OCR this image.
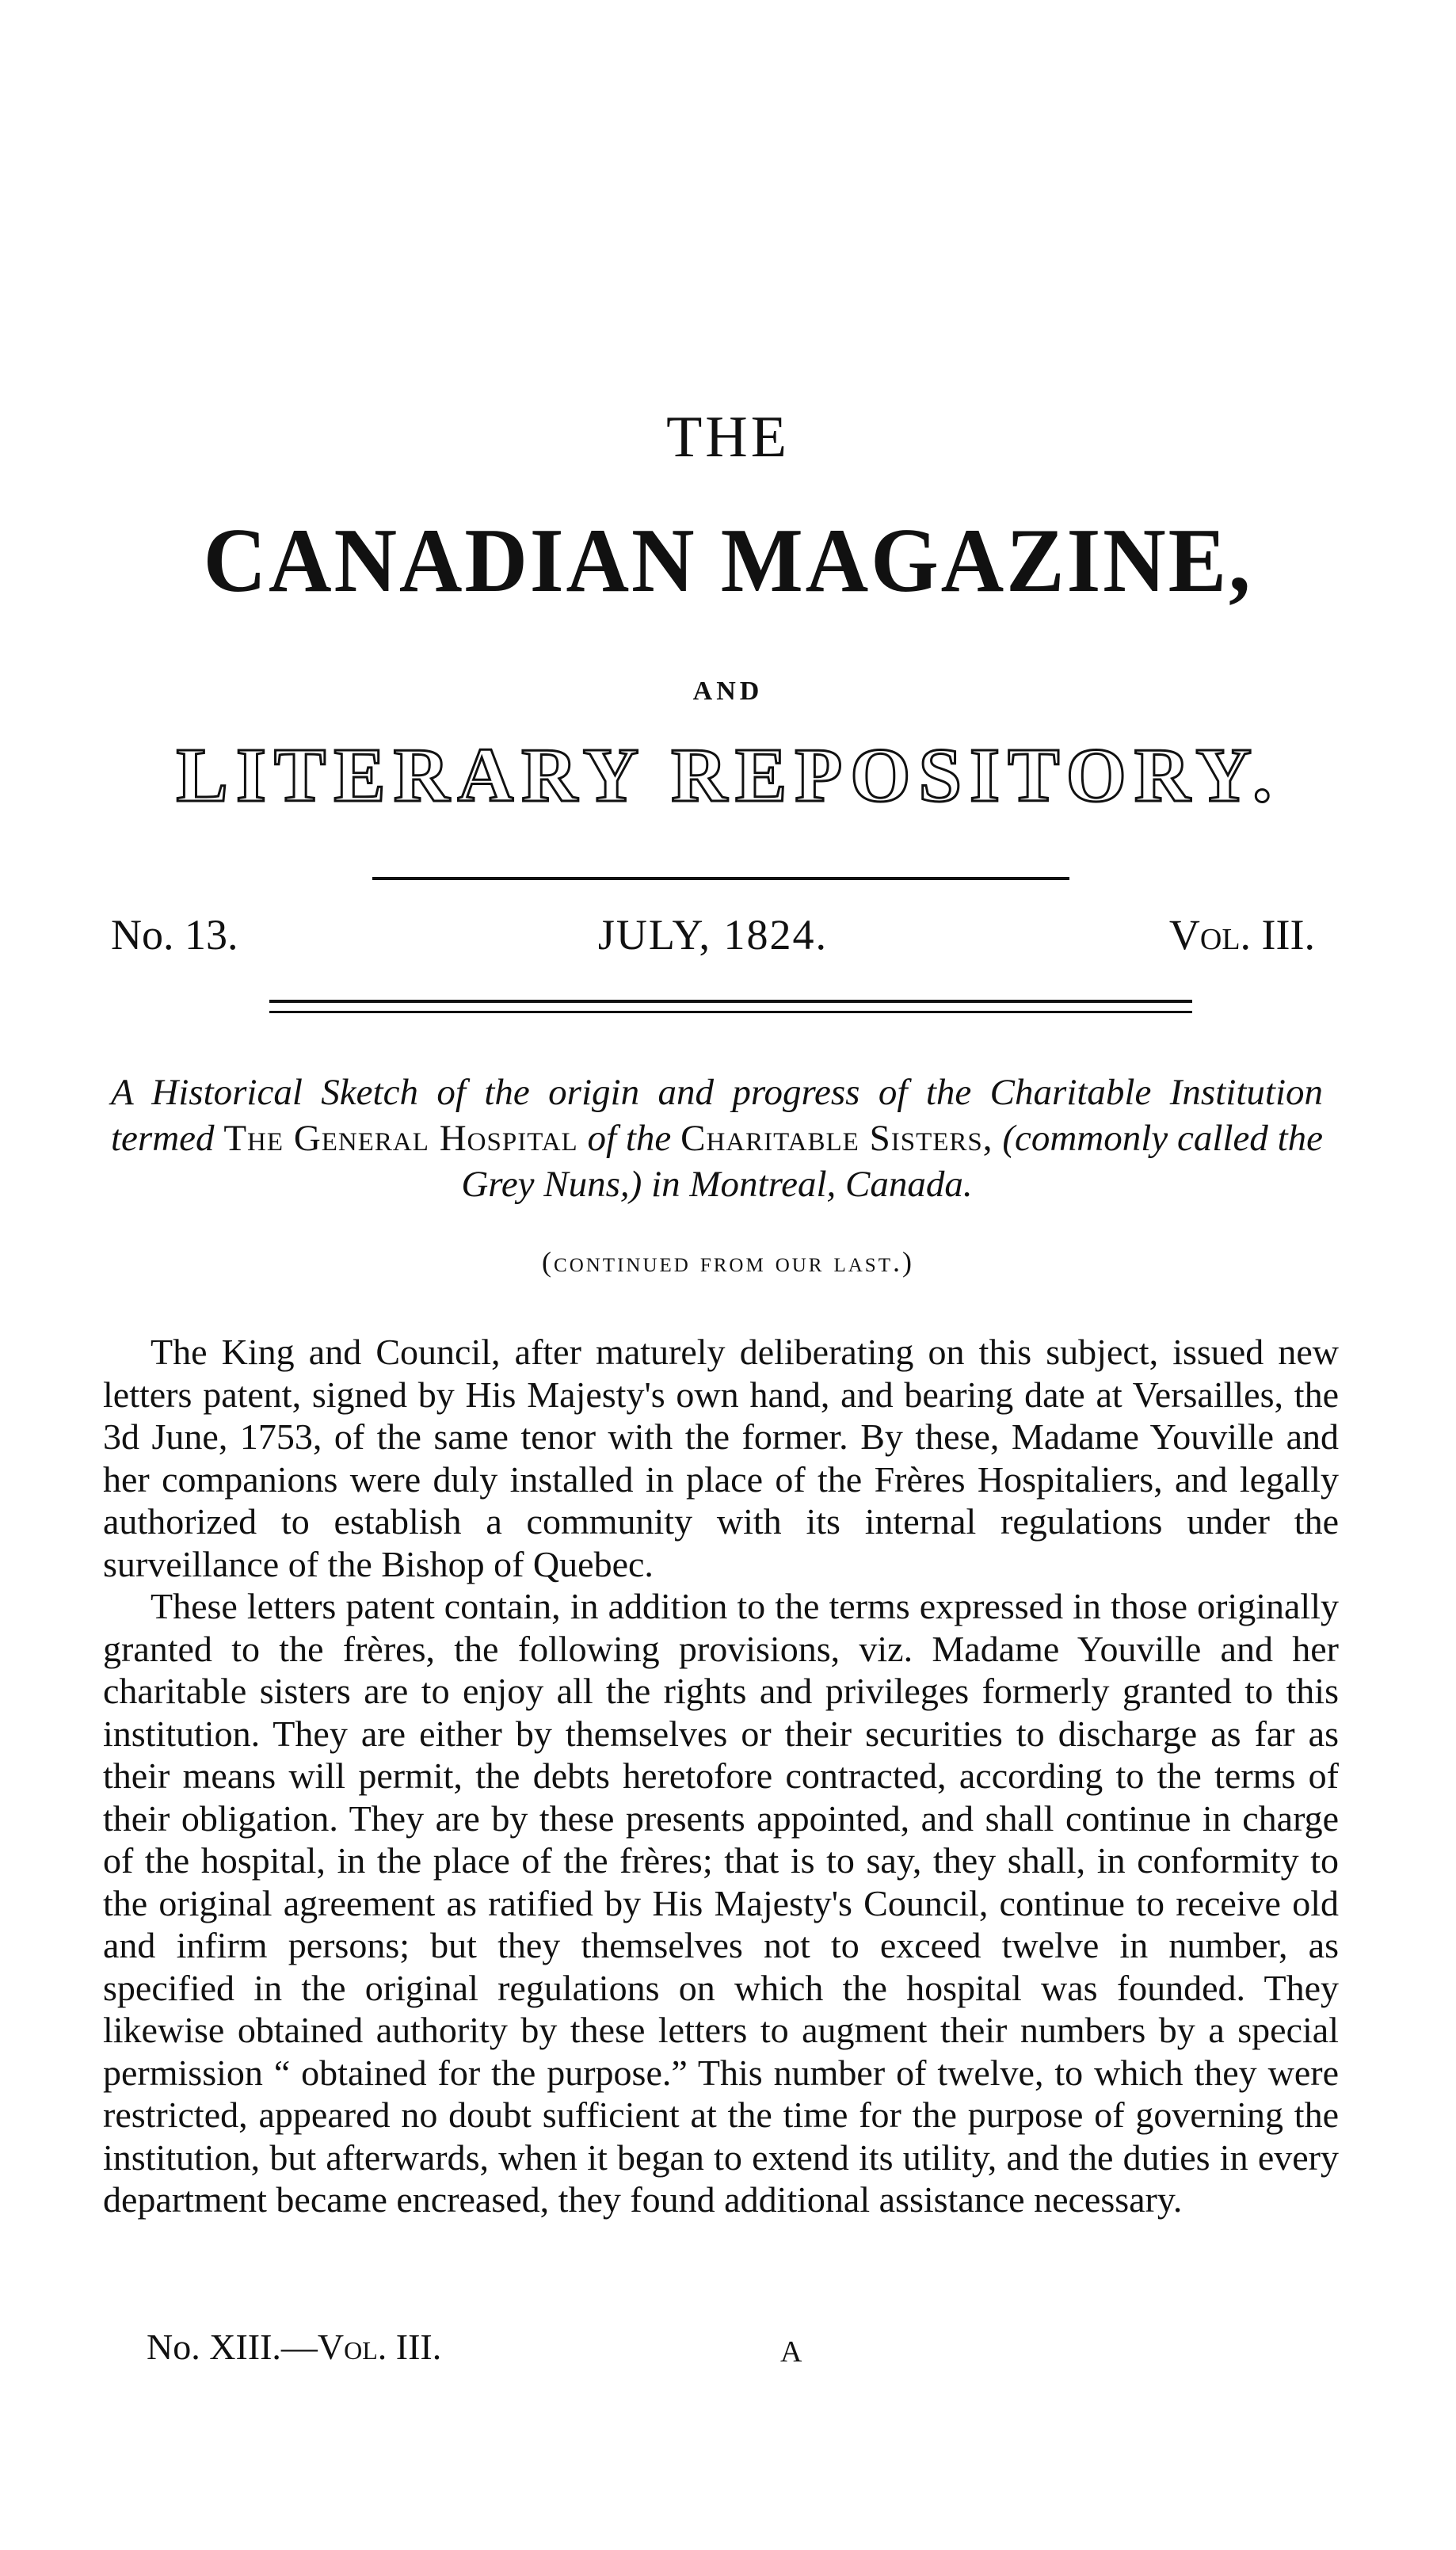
THE
CANADIAN MAGAZINE,
AND
LITERARY REPOSITORY.
No. 13.	JULY, 1824.	Vol. III.
A Historical Sketch of the origin and progress of the Charitable Institution termed The General Hospital of the Charitable Sisters, (commonly called the Grey Nuns,) in Montreal, Canada.
(continued from our last.)

The King and Council, after maturely deliberating on this subject, issued new letters patent, signed by His Majesty's own hand, and bearing date at Versailles, the 3d June, 1753, of the same tenor with the former. By these, Madame Youville and her companions were duly installed in place of the Frères Hospitaliers, and legally authorized to establish a community with its internal regulations under the surveillance of the Bishop of Quebec.

These letters patent contain, in addition to the terms expressed in those originally granted to the frères, the following provisions, viz. Madame Youville and her charitable sisters are to enjoy all the rights and privileges formerly granted to this institution. They are either by themselves or their securities to discharge as far as their means will permit, the debts heretofore contracted, according to the terms of their obligation. They are by these presents appointed, and shall continue in charge of the hospital, in the place of the frères; that is to say, they shall, in conformity to the original agreement as ratified by His Majesty's Council, continue to receive old and infirm persons; but they themselves not to exceed twelve in number, as specified in the original regulations on which the hospital was founded. They likewise obtained authority by these letters to augment their numbers by a special permission “ obtained for the purpose.” This number of twelve, to which they were restricted, appeared no doubt sufficient at the time for the purpose of governing the institution, but afterwards, when it began to extend its utility, and the duties in every department became encreased, they found additional assistance necessary.

No. XIII.—Vol. III.	A
